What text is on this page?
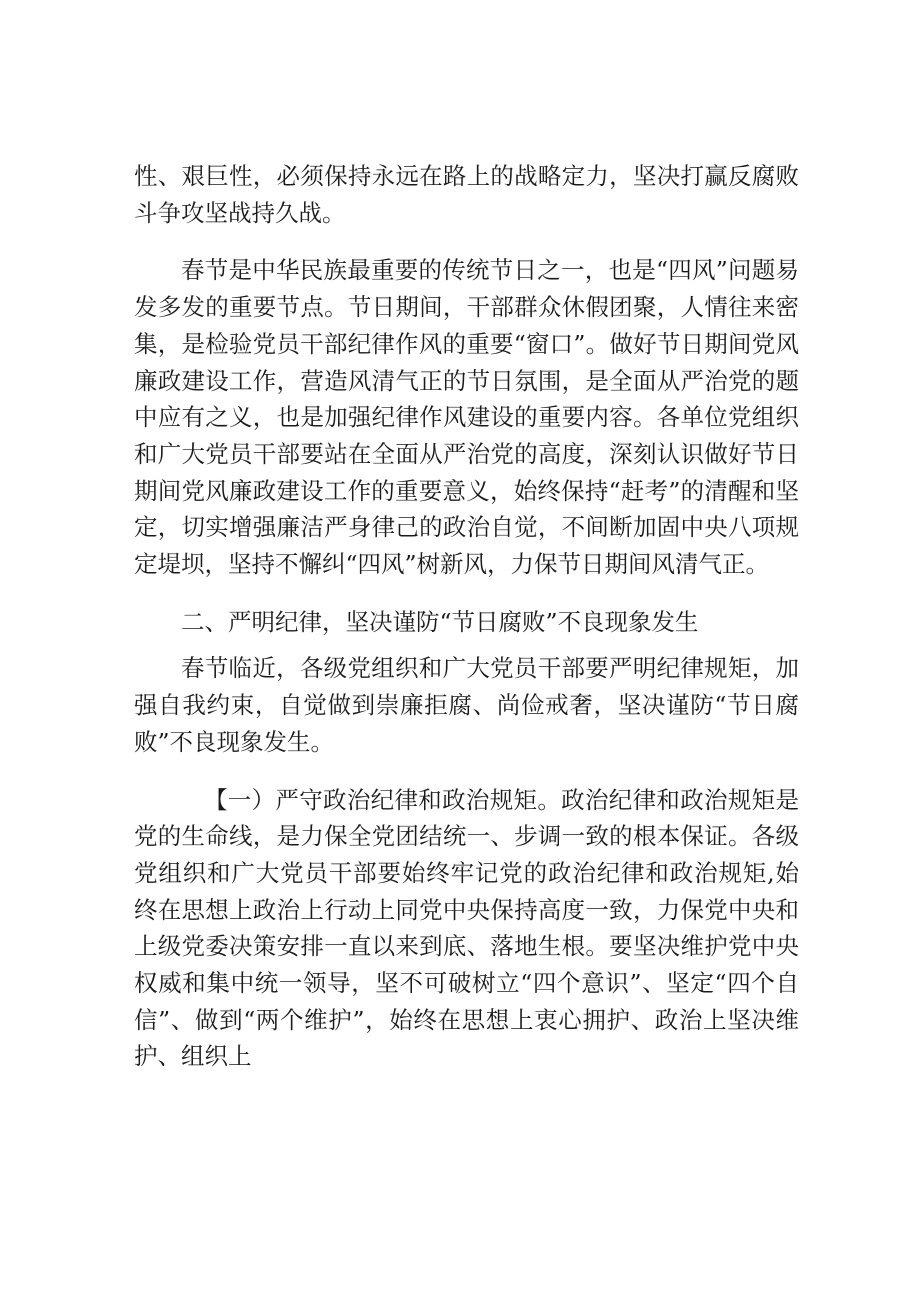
性、艰巨性，必须保持永远在路上的战略定力，坚决打赢反腐败斗争攻坚战持久战。

春节是中华民族最重要的传统节日之一，也是“四风”问题易发多发的重要节点。节日期间，干部群众休假团聚，人情往来密集，是检验党员干部纪律作风的重要“窗口”。做好节日期间党风廉政建设工作，营造风清气正的节日氛围，是全面从严治党的题中应有之义，也是加强纪律作风建设的重要内容。各单位党组织和广大党员干部要站在全面从严治党的高度，深刻认识做好节日期间党风廉政建设工作的重要意义，始终保持“赶考”的清醒和坚定，切实增强廉洁严身律己的政治自觉，不间断加固中央八项规定堤坝，坚持不懈纠“四风”树新风，力保节日期间风清气正。

二、严明纪律，坚决谨防“节日腐败”不良现象发生

春节临近，各级党组织和广大党员干部要严明纪律规矩，加强自我约束，自觉做到崇廉拒腐、尚俭戒奢，坚决谨防“节日腐败”不良现象发生。

【一）严守政治纪律和政治规矩。政治纪律和政治规矩是党的生命线，是力保全党团结统一、步调一致的根本保证。各级党组织和广大党员干部要始终牢记党的政治纪律和政治规矩,始终在思想上政治上行动上同党中央保持高度一致，力保党中央和上级党委决策安排一直以来到底、落地生根。要坚决维护党中央权威和集中统一领导，坚不可破树立“四个意识”、坚定“四个自信”、做到“两个维护”，始终在思想上衷心拥护、政治上坚决维护、组织上
